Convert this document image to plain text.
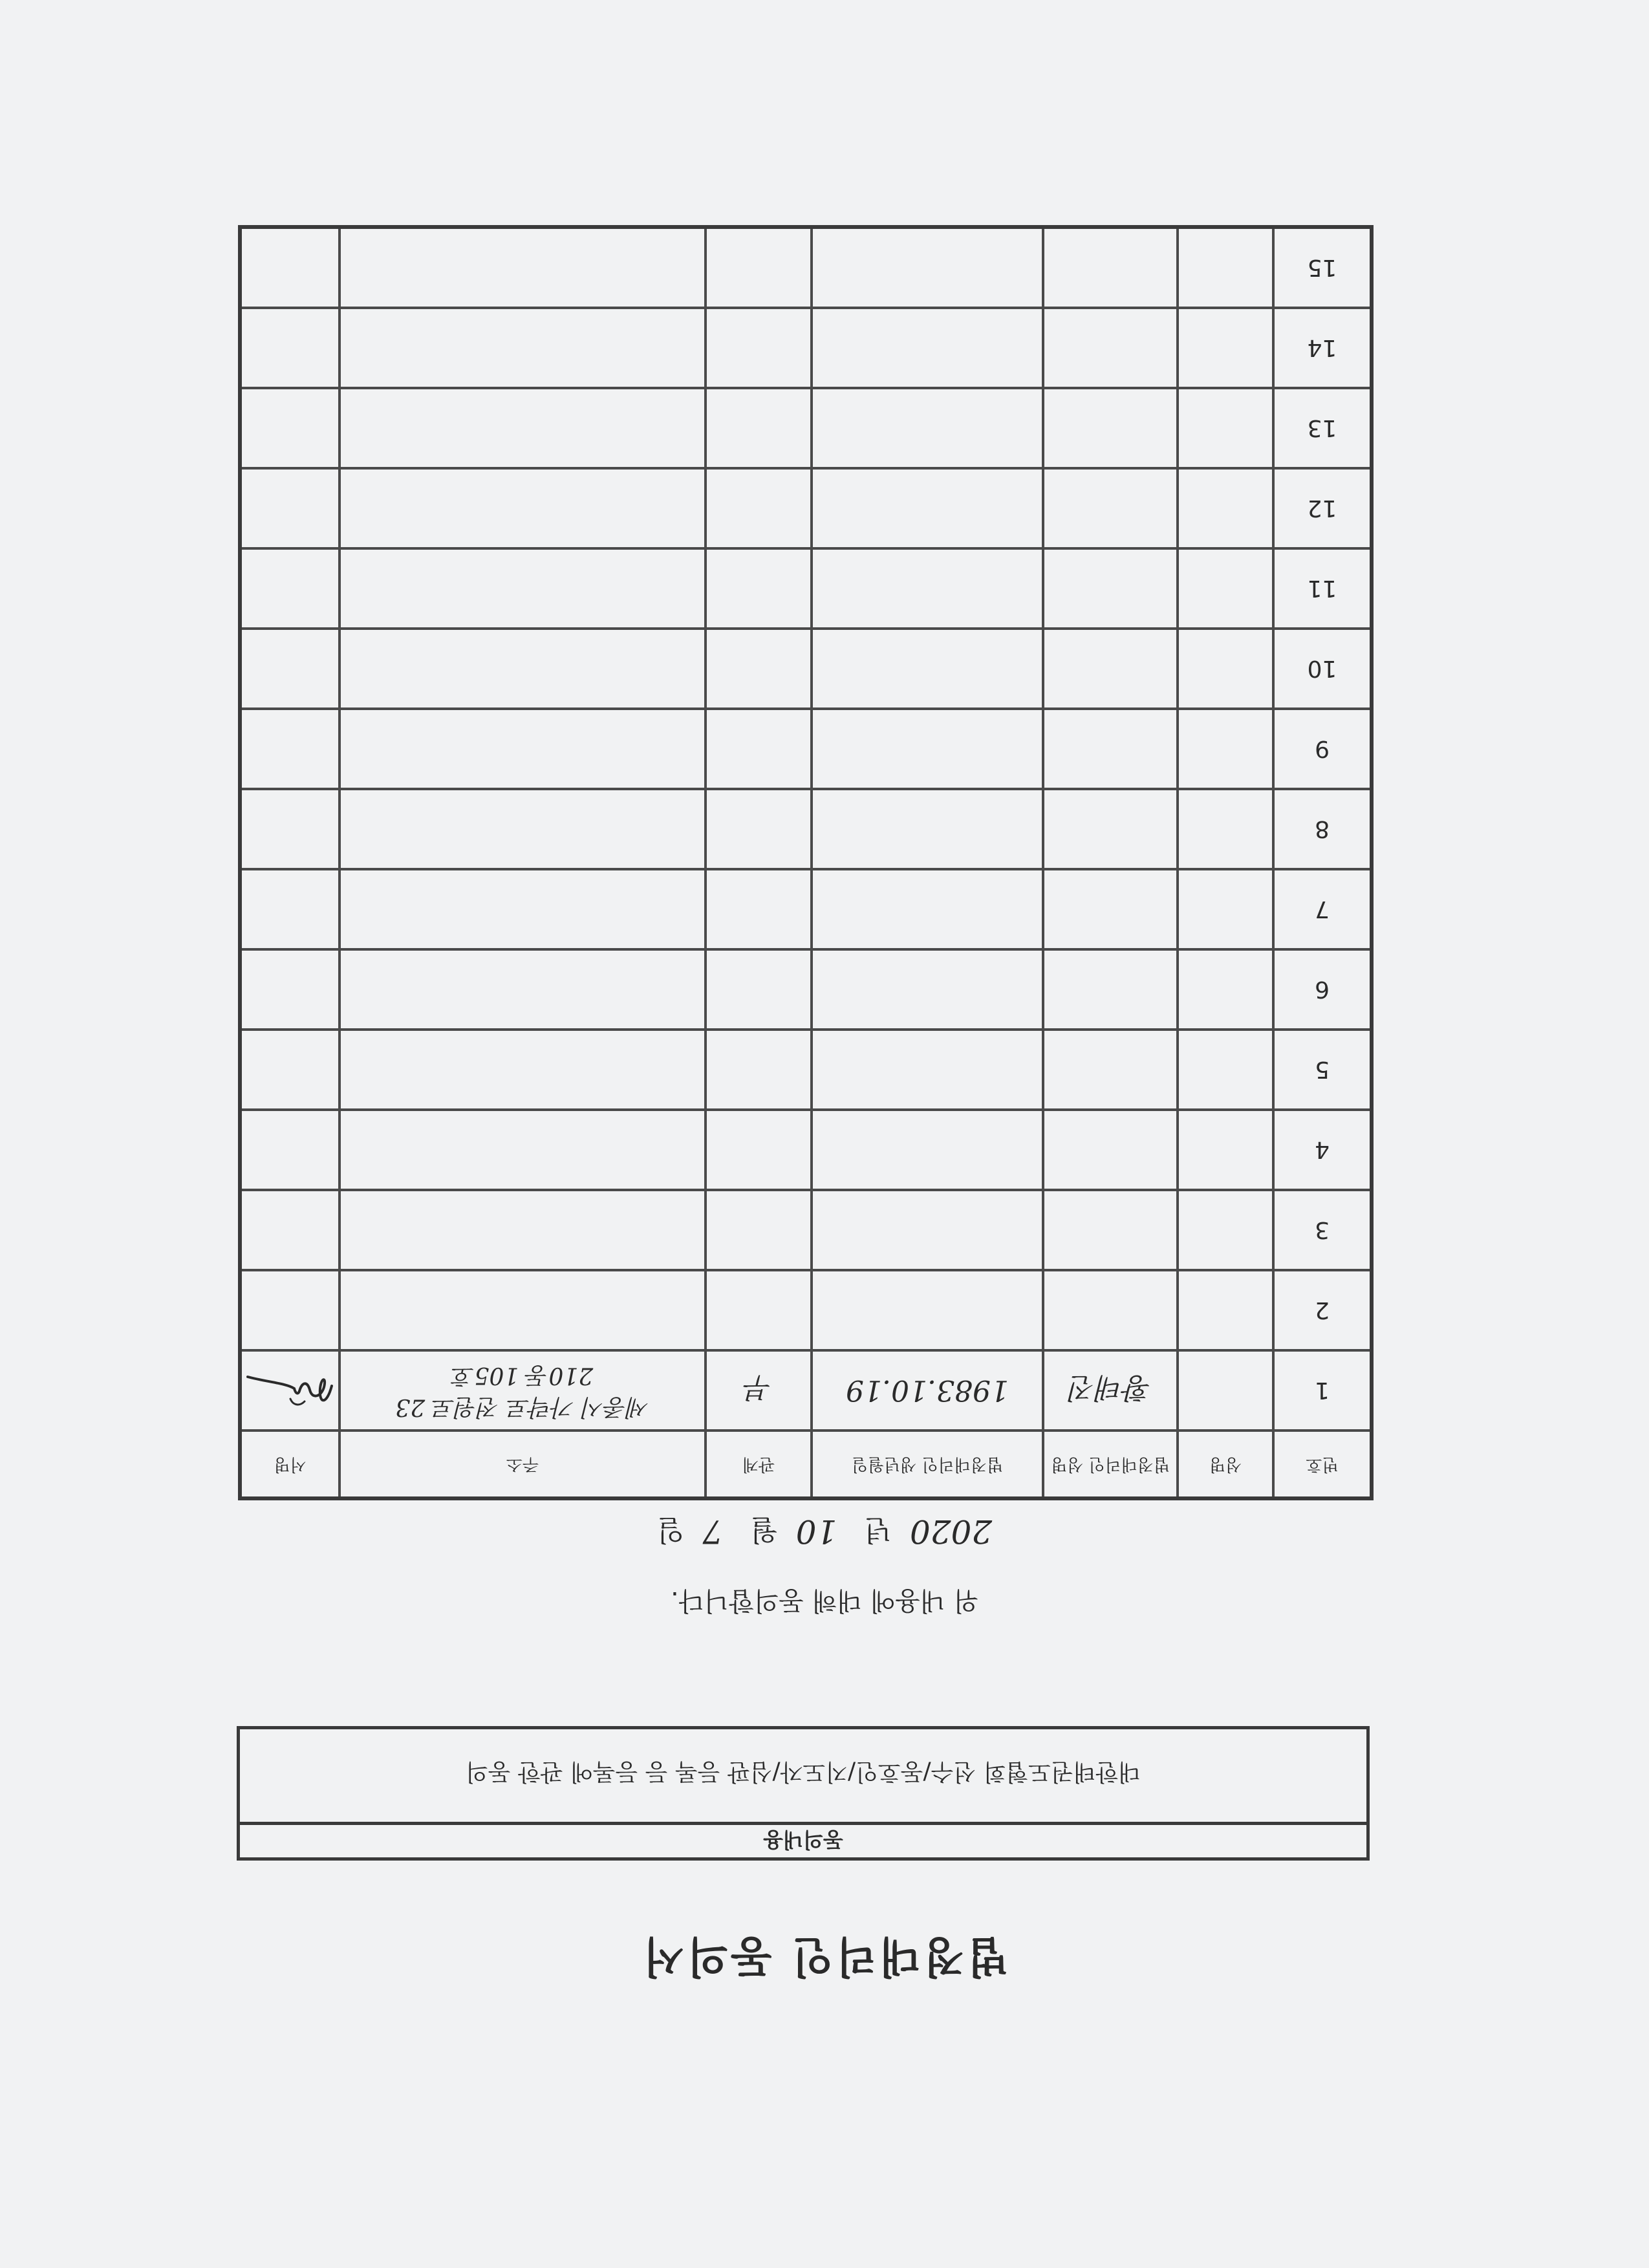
법정대리인 동의서
동의내용
대한태권도협회 선수/동호인/지도자/심판 등록 등 등록에 관한 동의
위 내용에 대해 동의합니다.
2020년 10월 7일
번호	성명	법정대리인 성명	법정대리인 생년월일	관계	주소	서명
1		황태진	1983.10.19	부	세종시 가락로 전원로 23
210동 105호

2						
3						
4						
5						
6						
7						
8						
9						
10						
11						
12						
13						
14						
15						
